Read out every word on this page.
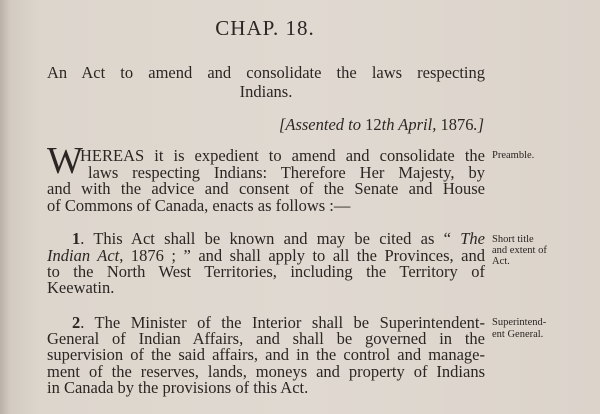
CHAP. 18.
An Act to amend and consolidate the laws respecting
Indians.
[Assented to 12th April, 1876.]
W
HEREAS it is expedient to amend and consolidate the
laws respecting Indians: Therefore Her Majesty, by
and with the advice and consent of the Senate and House
of Commons of Canada, enacts as follows :—
Preamble.
1. This Act shall be known and may be cited as “ The
Indian Act, 1876 ; ” and shall apply to all the Provinces, and
to the North West Territories, including the Territory of
Keewatin.
Short title
and extent of
Act.
2. The Minister of the Interior shall be Superintendent-
General of Indian Affairs, and shall be governed in the
supervision of the said affairs, and in the control and manage-
ment of the reserves, lands, moneys and property of Indians
in Canada by the provisions of this Act.
Superintend-
ent General.
